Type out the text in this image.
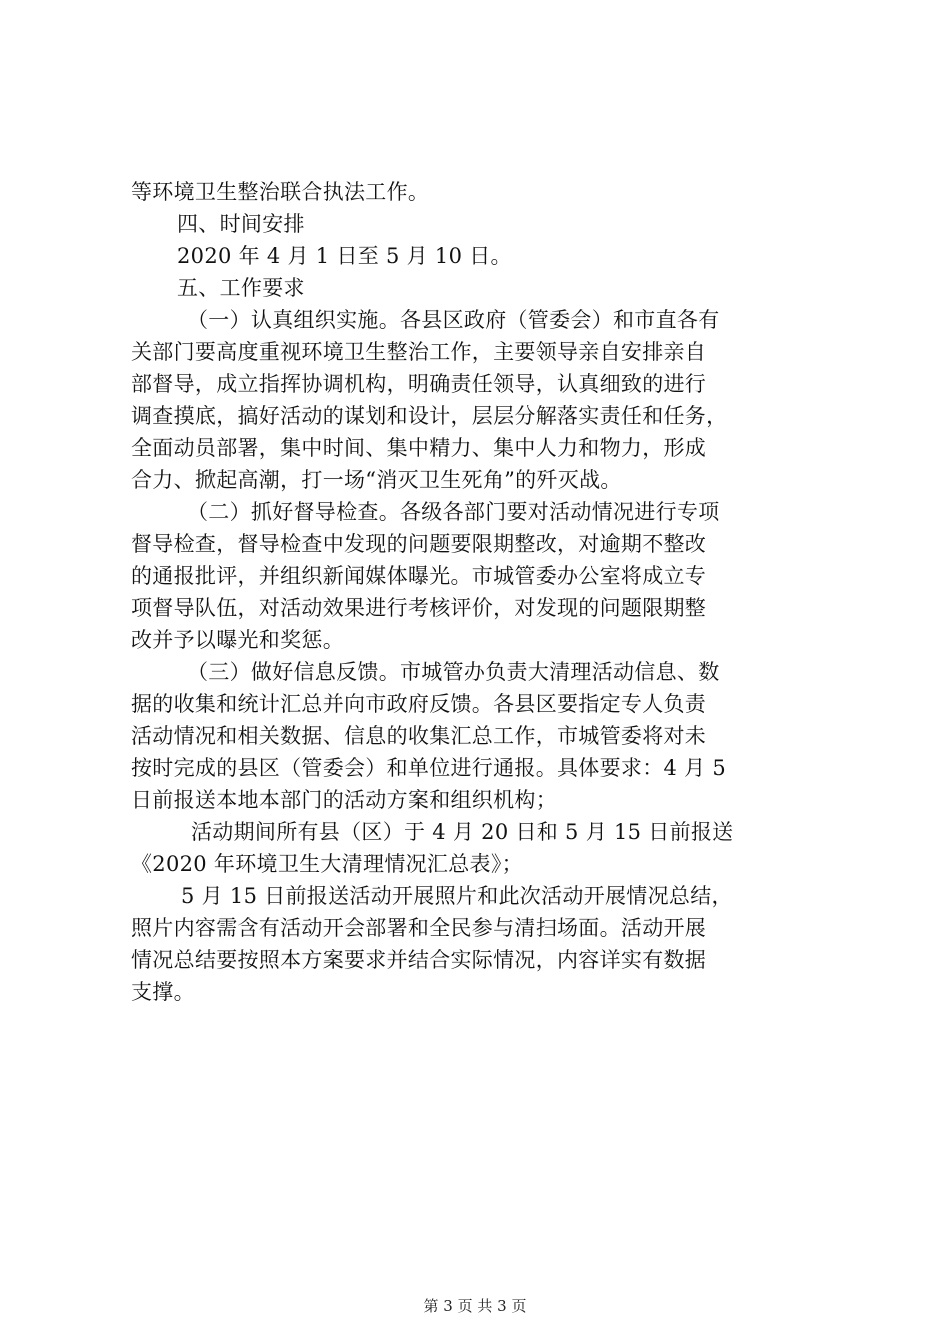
等环境卫生整治联合执法工作。
四、时间安排
2020 年 4 月 1 日至 5 月 10 日。
五、工作要求
（一）认真组织实施。各县区政府（管委会）和市直各有
关部门要高度重视环境卫生整治工作，主要领导亲自安排亲自
部督导，成立指挥协调机构，明确责任领导，认真细致的进行
调查摸底，搞好活动的谋划和设计，层层分解落实责任和任务，
全面动员部署，集中时间、集中精力、集中人力和物力，形成
合力、掀起高潮，打一场“消灭卫生死角”的歼灭战。
（二）抓好督导检查。各级各部门要对活动情况进行专项
督导检查，督导检查中发现的问题要限期整改，对逾期不整改
的通报批评，并组织新闻媒体曝光。市城管委办公室将成立专
项督导队伍，对活动效果进行考核评价，对发现的问题限期整
改并予以曝光和奖惩。
（三）做好信息反馈。市城管办负责大清理活动信息、数
据的收集和统计汇总并向市政府反馈。各县区要指定专人负责
活动情况和相关数据、信息的收集汇总工作，市城管委将对未
按时完成的县区（管委会）和单位进行通报。具体要求：4 月 5
日前报送本地本部门的活动方案和组织机构；
活动期间所有县（区）于 4 月 20 日和 5 月 15 日前报送
《2020 年环境卫生大清理情况汇总表》；
5 月 15 日前报送活动开展照片和此次活动开展情况总结，
照片内容需含有活动开会部署和全民参与清扫场面。活动开展
情况总结要按照本方案要求并结合实际情况，内容详实有数据
支撑。
第 3 页 共 3 页
